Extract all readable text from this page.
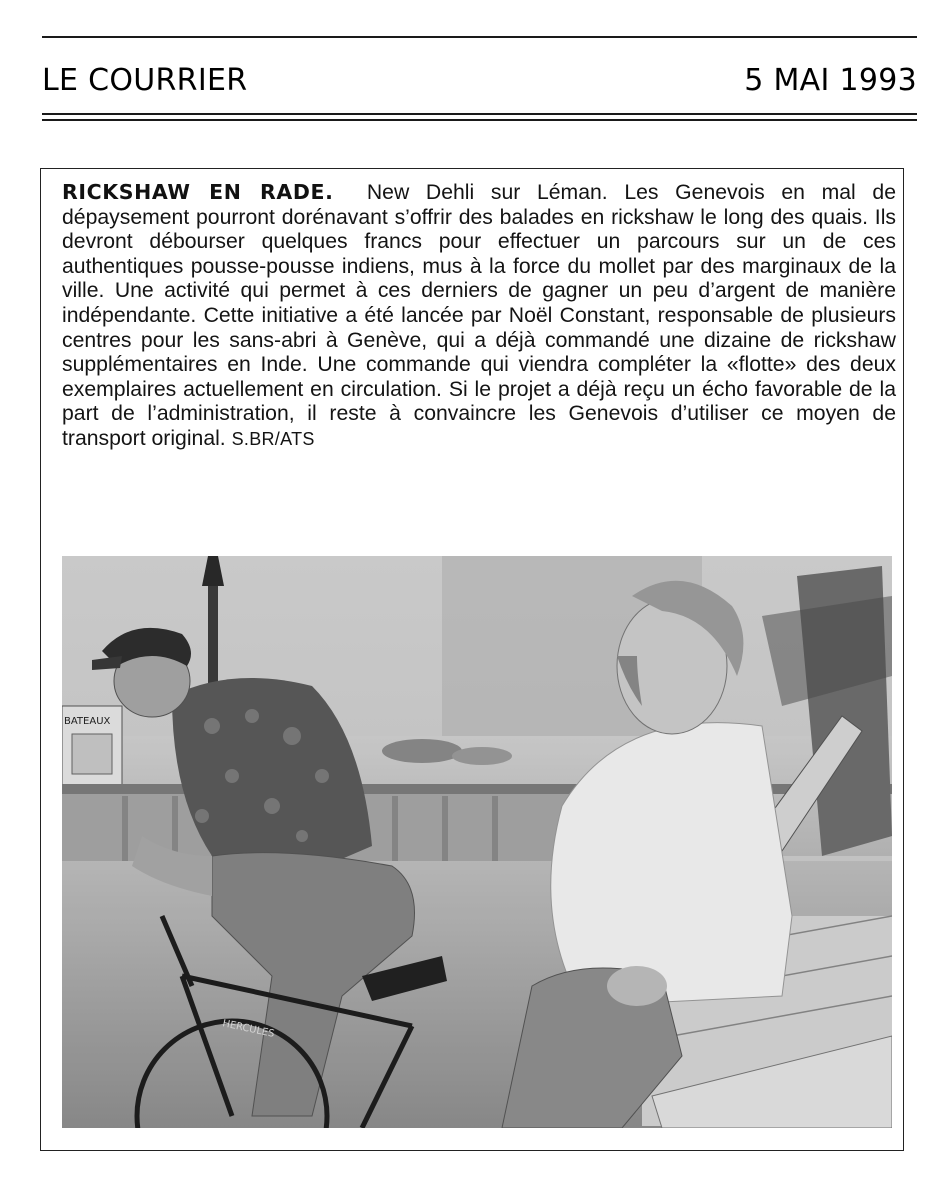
LE COURRIER	5 MAI 1993
RICKSHAW EN RADE. New Dehli sur Léman. Les Genevois en mal de dépaysement pourront dorénavant s’offrir des balades en rickshaw le long des quais. Ils devront débourser quelques francs pour effectuer un parcours sur un de ces authentiques pousse-pousse indiens, mus à la force du mollet par des marginaux de la ville. Une activité qui permet à ces derniers de gagner un peu d’argent de manière indépendante. Cette initiative a été lancée par Noël Constant, responsable de plusieurs centres pour les sans-abri à Genève, qui a déjà commandé une dizaine de rickshaw supplémentaires en Inde. Une commande qui viendra compléter la «flotte» des deux exemplaires actuellement en circulation. Si le projet a déjà reçu un écho favorable de la part de l’administration, il reste à convaincre les Genevois d’utiliser ce moyen de transport original. S.BR/ATS
BATEAUX
HERCULES
